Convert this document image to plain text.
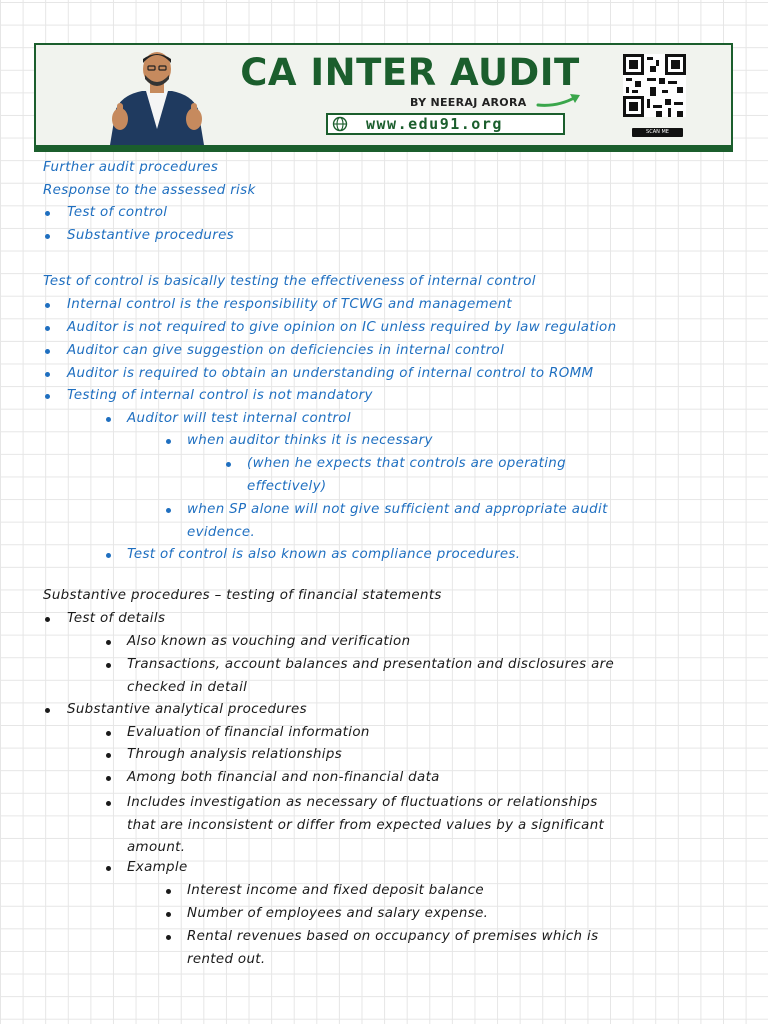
CA INTER AUDIT
BY NEERAJ ARORA
www.edu91.org	SCAN ME
Further audit procedures
Response to the assessed risk
Test of control
Substantive procedures
Test of control is basically testing the effectiveness of internal control
Internal control is the responsibility of TCWG and management
Auditor is not required to give opinion on IC unless required by law regulation
Auditor can give suggestion on deficiencies in internal control
Auditor is required to obtain an understanding of internal control to ROMM
Testing of internal control is not mandatory
Auditor will test internal control
when auditor thinks it is necessary
(when he expects that controls are operating
effectively)
when SP alone will not give sufficient and appropriate audit
evidence.
Test of control is also known as compliance procedures.
Substantive procedures – testing of financial statements
Test of details
Also known as vouching and verification
Transactions, account balances and presentation and disclosures are
checked in detail
Substantive analytical procedures
Evaluation of financial information
Through analysis relationships
Among both financial and non-financial data
Includes investigation as necessary of fluctuations or relationships
that are inconsistent or differ from expected values by a significant
amount.
Example
Interest income and fixed deposit balance
Number of employees and salary expense.
Rental revenues based on occupancy of premises which is
rented out.
